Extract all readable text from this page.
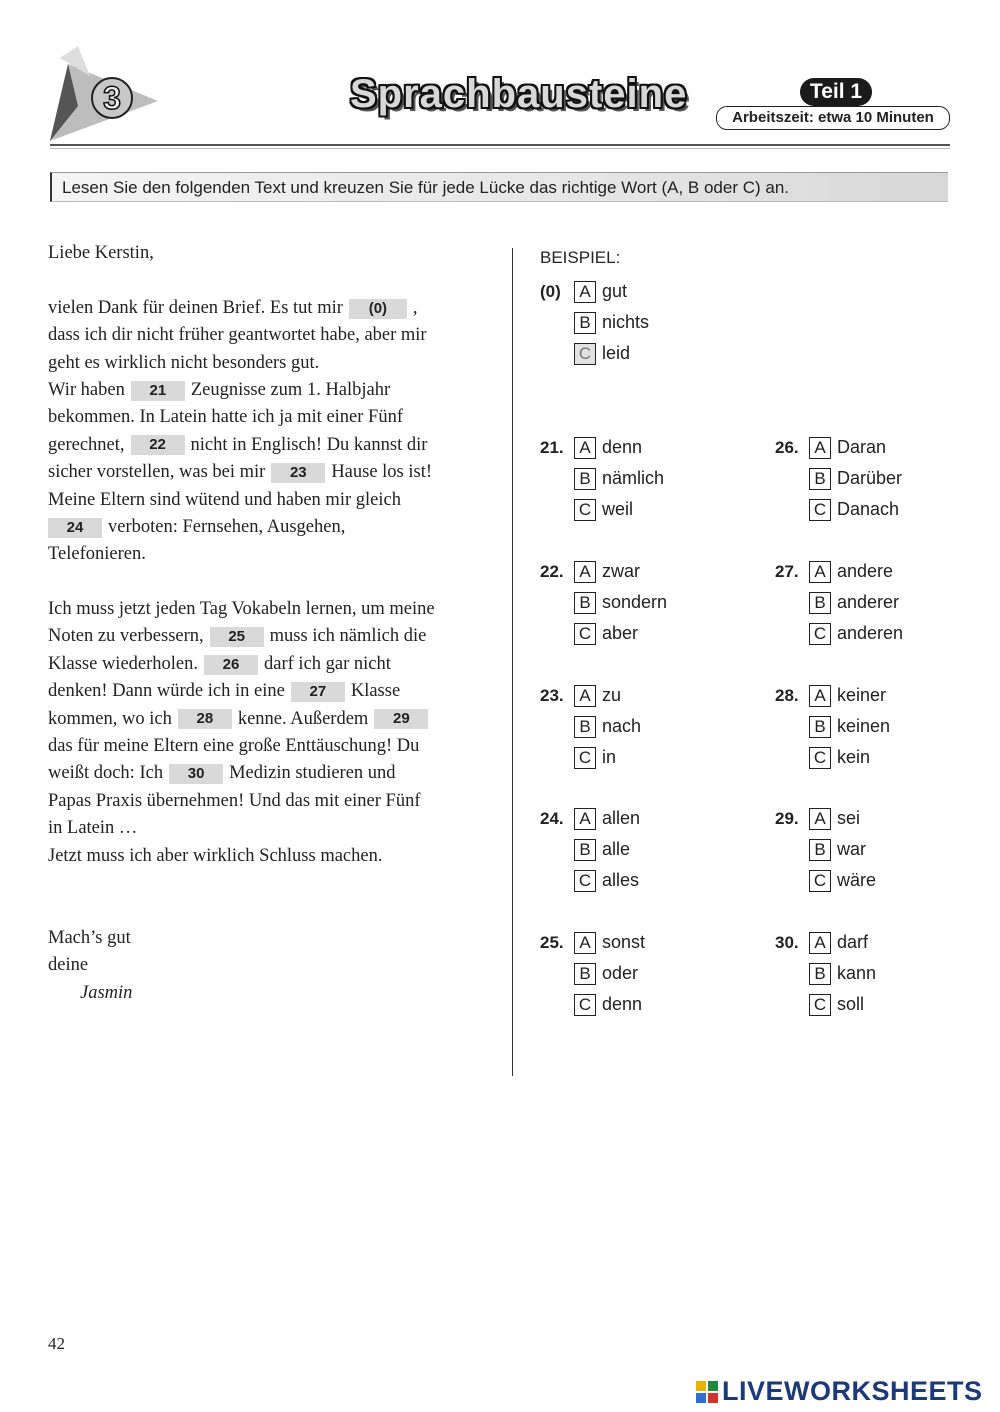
3	Sprachbausteine	Teil 1
Arbeitszeit: etwa 10 Minuten
Lesen Sie den folgenden Text und kreuzen Sie für jede Lücke das richtige Wort (A, B oder C) an.
Liebe Kerstin,
vielen Dank für deinen Brief. Es tut mir (0) ,
dass ich dir nicht früher geantwortet habe, aber mir
geht es wirklich nicht besonders gut.
Wir haben 21 Zeugnisse zum 1. Halbjahr
bekommen. In Latein hatte ich ja mit einer Fünf
gerechnet, 22 nicht in Englisch! Du kannst dir
sicher vorstellen, was bei mir 23 Hause los ist!
Meine Eltern sind wütend und haben mir gleich
24 verboten: Fernsehen, Ausgehen,
Telefonieren.
Ich muss jetzt jeden Tag Vokabeln lernen, um meine
Noten zu verbessern, 25 muss ich nämlich die
Klasse wiederholen. 26 darf ich gar nicht
denken! Dann würde ich in eine 27 Klasse
kommen, wo ich 28 kenne. Außerdem 29
das für meine Eltern eine große Enttäuschung! Du
weißt doch: Ich 30 Medizin studieren und
Papas Praxis übernehmen! Und das mit einer Fünf
in Latein …
Jetzt muss ich aber wirklich Schluss machen.
Mach’s gut
deine
Jasmin
BEISPIEL:
(0)	A gut
B nichts
C leid
21. A denn
B nämlich
C weil
22. A zwar
B sondern
C aber
23. A zu
B nach
C in
24. A allen
B alle
C alles
25. A sonst
B oder
C denn
26. A Daran
B Darüber
C Danach
27. A andere
B anderer
C anderen
28. A keiner
B keinen
C kein
29. A sei
B war
C wäre
30. A darf
B kann
C soll
42
LIVEWORKSHEETS
